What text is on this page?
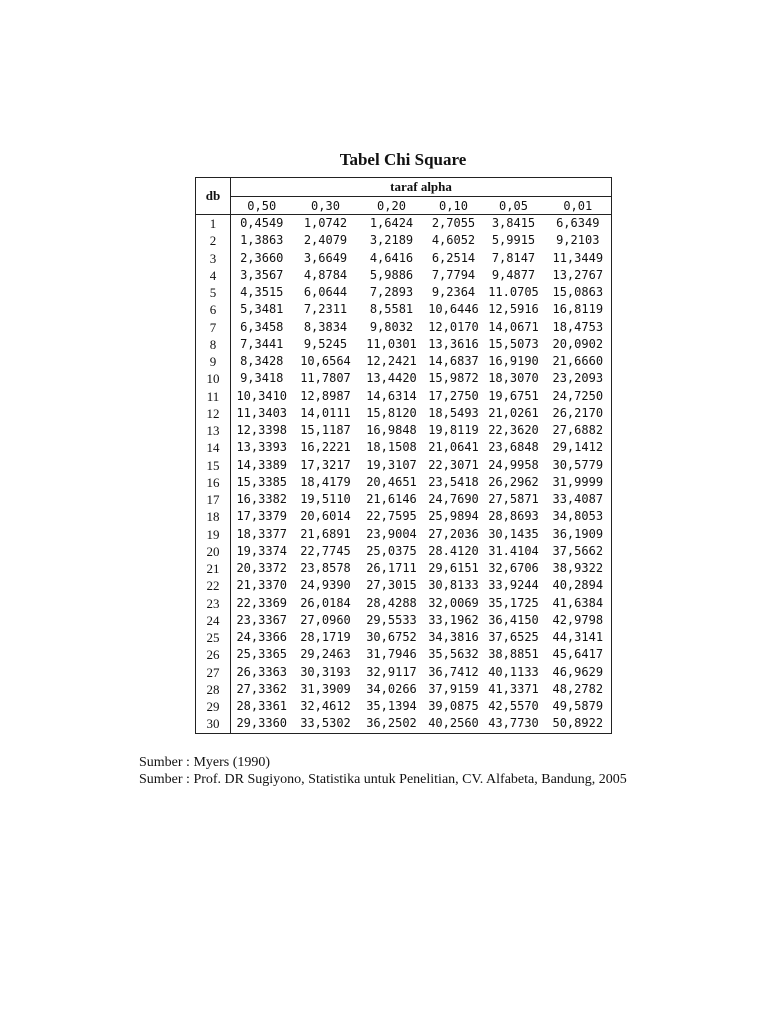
Tabel Chi Square
db	taraf alpha					
	0,50	0,30	0,20	0,10	0,05	0,01
1	0,4549	1,0742	1,6424	2,7055	3,8415	6,6349
2	1,3863	2,4079	3,2189	4,6052	5,9915	9,2103
3	2,3660	3,6649	4,6416	6,2514	7,8147	11,3449
4	3,3567	4,8784	5,9886	7,7794	9,4877	13,2767
5	4,3515	6,0644	7,2893	9,2364	11.0705	15,0863
6	5,3481	7,2311	8,5581	10,6446	12,5916	16,8119
7	6,3458	8,3834	9,8032	12,0170	14,0671	18,4753
8	7,3441	9,5245	11,0301	13,3616	15,5073	20,0902
9	8,3428	10,6564	12,2421	14,6837	16,9190	21,6660
10	9,3418	11,7807	13,4420	15,9872	18,3070	23,2093
11	10,3410	12,8987	14,6314	17,2750	19,6751	24,7250
12	11,3403	14,0111	15,8120	18,5493	21,0261	26,2170
13	12,3398	15,1187	16,9848	19,8119	22,3620	27,6882
14	13,3393	16,2221	18,1508	21,0641	23,6848	29,1412
15	14,3389	17,3217	19,3107	22,3071	24,9958	30,5779
16	15,3385	18,4179	20,4651	23,5418	26,2962	31,9999
17	16,3382	19,5110	21,6146	24,7690	27,5871	33,4087
18	17,3379	20,6014	22,7595	25,9894	28,8693	34,8053
19	18,3377	21,6891	23,9004	27,2036	30,1435	36,1909
20	19,3374	22,7745	25,0375	28.4120	31.4104	37,5662
21	20,3372	23,8578	26,1711	29,6151	32,6706	38,9322
22	21,3370	24,9390	27,3015	30,8133	33,9244	40,2894
23	22,3369	26,0184	28,4288	32,0069	35,1725	41,6384
24	23,3367	27,0960	29,5533	33,1962	36,4150	42,9798
25	24,3366	28,1719	30,6752	34,3816	37,6525	44,3141
26	25,3365	29,2463	31,7946	35,5632	38,8851	45,6417
27	26,3363	30,3193	32,9117	36,7412	40,1133	46,9629
28	27,3362	31,3909	34,0266	37,9159	41,3371	48,2782
29	28,3361	32,4612	35,1394	39,0875	42,5570	49,5879
30	29,3360	33,5302	36,2502	40,2560	43,7730	50,8922
Sumber : Myers (1990)
Sumber : Prof. DR Sugiyono, Statistika untuk Penelitian, CV. Alfabeta, Bandung, 2005
